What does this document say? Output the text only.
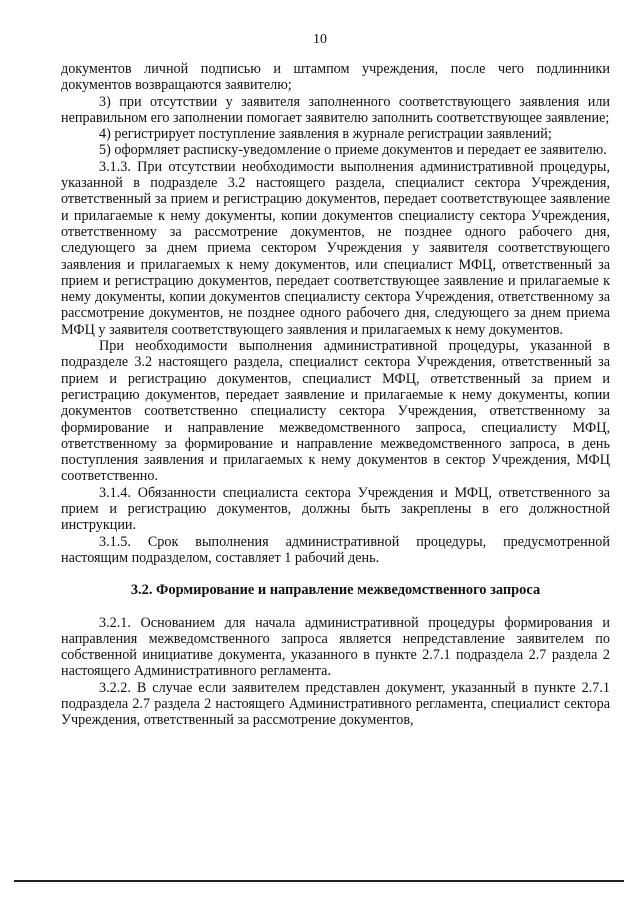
10

документов личной подписью и штампом учреждения, после чего подлинники документов возвращаются заявителю;

3) при отсутствии у заявителя заполненного соответствующего заявления или неправильном его заполнении помогает заявителю заполнить соответствующее заявление;

4) регистрирует поступление заявления в журнале регистрации заявлений;

5) оформляет расписку-уведомление о приеме документов и передает ее заявителю.

3.1.3. При отсутствии необходимости выполнения административной процедуры, указанной в подразделе 3.2 настоящего раздела, специалист сектора Учреждения, ответственный за прием и регистрацию документов, передает соответствующее заявление и прилагаемые к нему документы, копии документов специалисту сектора Учреждения, ответственному за рассмотрение документов, не позднее одного рабочего дня, следующего за днем приема сектором Учреждения у заявителя соответствующего заявления и прилагаемых к нему документов, или специалист МФЦ, ответственный за прием и регистрацию документов, передает соответствующее заявление и прилагаемые к нему документы, копии документов специалисту сектора Учреждения, ответственному за рассмотрение документов, не позднее одного рабочего дня, следующего за днем приема МФЦ у заявителя соответствующего заявления и прилагаемых к нему документов.

При необходимости выполнения административной процедуры, указанной в подразделе 3.2 настоящего раздела, специалист сектора Учреждения, ответственный за прием и регистрацию документов, специалист МФЦ, ответственный за прием и регистрацию документов, передает заявление и прилагаемые к нему документы, копии документов соответственно специалисту сектора Учреждения, ответственному за формирование и направление межведомственного запроса, специалисту МФЦ, ответственному за формирование и направление межведомственного запроса, в день поступления заявления и прилагаемых к нему документов в сектор Учреждения, МФЦ соответственно.

3.1.4. Обязанности специалиста сектора Учреждения и МФЦ, ответственного за прием и регистрацию документов, должны быть закреплены в его должностной инструкции.

3.1.5. Срок выполнения административной процедуры, предусмотренной настоящим подразделом, составляет 1 рабочий день.

3.2. Формирование и направление межведомственного запроса

3.2.1. Основанием для начала административной процедуры формирования и направления межведомственного запроса является непредставление заявителем по собственной инициативе документа, указанного в пункте 2.7.1 подраздела 2.7 раздела 2 настоящего Административного регламента.

3.2.2. В случае если заявителем представлен документ, указанный в пункте 2.7.1 подраздела 2.7 раздела 2 настоящего Административного регламента, специалист сектора Учреждения, ответственный за рассмотрение документов,
